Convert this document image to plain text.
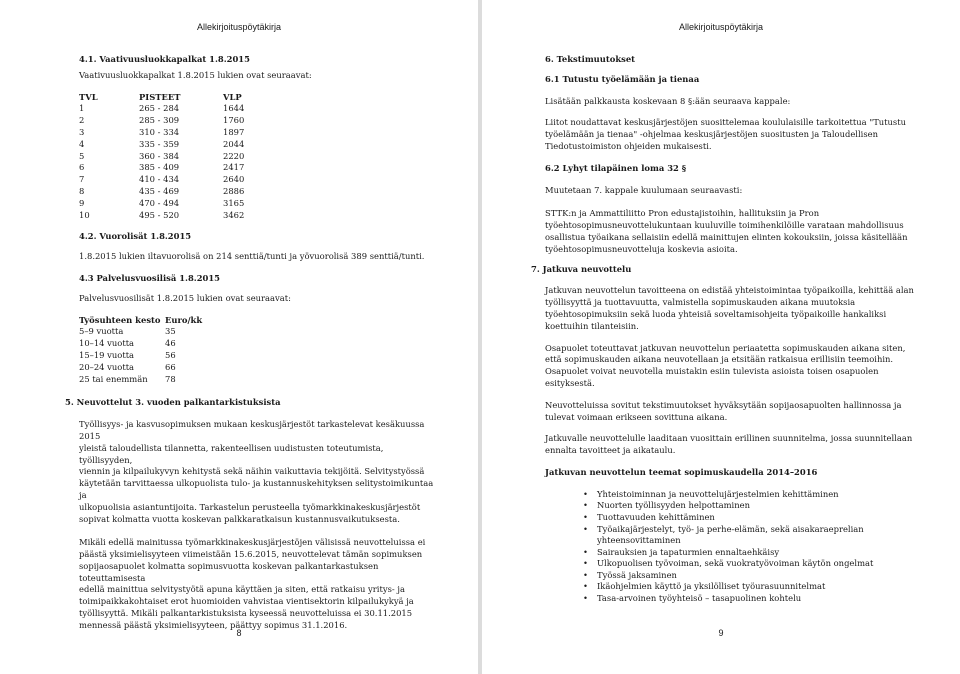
Allekirjoituspöytäkirja

4.1. Vaativuusluokkapalkat 1.8.2015

Vaativuusluokkapalkat 1.8.2015 lukien ovat seuraavat:

TVL	PISTEET	VLP
1	265 - 284	1644
2	285 - 309	1760
3	310 - 334	1897
4	335 - 359	2044
5	360 - 384	2220
6	385 - 409	2417
7	410 - 434	2640
8	435 - 469	2886
9	470 - 494	3165
10	495 - 520	3462

4.2. Vuorolisät 1.8.2015

1.8.2015 lukien iltavuorolisä on 214 senttiä/tunti ja yövuorolisä 389 senttiä/tunti.

4.3 Palvelusvuosilisä 1.8.2015

Palvelusvuosilisät 1.8.2015 lukien ovat seuraavat:

Työsuhteen kesto	Euro/kk
5–9 vuotta	35
10–14 vuotta	46
15–19 vuotta	56
20–24 vuotta	66
25 tai enemmän	78

5. Neuvottelut 3. vuoden palkantarkistuksista

Työllisyys- ja kasvusopimuksen mukaan keskusjärjestöt tarkastelevat kesäkuussa 2015

yleistä taloudellista tilannetta, rakenteellisen uudistusten toteutumista, työllisyyden,

viennin ja kilpailukyvyn kehitystä sekä näihin vaikuttavia tekijöitä. Selvitystyössä

käytetään tarvittaessa ulkopuolista tulo- ja kustannuskehityksen selitystoimikuntaa ja

ulkopuolisia asiantuntijoita. Tarkastelun perusteella työmarkkinakeskusjärjestöt

sopivat kolmatta vuotta koskevan palkkaratkaisun kustannusvaikutuksesta.

Mikäli edellä mainitussa työmarkkinakeskusjärjestöjen välisissä neuvotteluissa ei

päästä yksimielisyyteen viimeistään 15.6.2015, neuvottelevat tämän sopimuksen

sopijaosapuolet kolmatta sopimusvuotta koskevan palkantarkastuksen toteuttamisesta

edellä mainittua selvitystyötä apuna käyttäen ja siten, että ratkaisu yritys- ja

toimipaikkakohtaiset erot huomioiden vahvistaa vientisektorin kilpailukykyä ja

työllisyyttä. Mikäli palkantarkistuksista kyseessä neuvotteluissa ei 30.11.2015

mennessä päästä yksimielisyyteen, päättyy sopimus 31.1.2016.

8
Allekirjoituspöytäkirja

6. Tekstimuutokset

6.1 Tutustu työelämään ja tienaa

Lisätään palkkausta koskevaan 8 §:ään seuraava kappale:

Liitot noudattavat keskusjärjestöjen suosittelemaa koululaisille tarkoitettua "Tutustu

työelämään ja tienaa" -ohjelmaa keskusjärjestöjen suositusten ja Taloudellisen

Tiedotustoimiston ohjeiden mukaisesti.

6.2 Lyhyt tilapäinen loma 32 §

Muutetaan 7. kappale kuulumaan seuraavasti:

STTK:n ja Ammattiliitto Pron edustajistoihin, hallituksiin ja Pron

työehtosopimusneuvottelukuntaan kuuluville toimihenkilöille varataan mahdollisuus

osallistua työaikana sellaisiin edellä mainittujen elinten kokouksiin, joissa käsitellään

työehtosopimusneuvotteluja koskevia asioita.

7. Jatkuva neuvottelu

Jatkuvan neuvottelun tavoitteena on edistää yhteistoimintaa työpaikoilla, kehittää alan

työllisyyttä ja tuottavuutta, valmistella sopimuskauden aikana muutoksia

työehtosopimuksiin sekä luoda yhteisiä soveltamisohjeita työpaikoille hankaliksi

koettuihin tilanteisiin.

Osapuolet toteuttavat jatkuvan neuvottelun periaatetta sopimuskauden aikana siten,

että sopimuskauden aikana neuvotellaan ja etsitään ratkaisua erillisiin teemoihin.

Osapuolet voivat neuvotella muistakin esiin tulevista asioista toisen osapuolen

esityksestä.

Neuvotteluissa sovitut tekstimuutokset hyväksytään sopijaosapuolten hallinnossa ja

tulevat voimaan erikseen sovittuna aikana.

Jatkuvalle neuvottelulle laaditaan vuosittain erillinen suunnitelma, jossa suunnitellaan

ennalta tavoitteet ja aikataulu.

Jatkuvan neuvottelun teemat sopimuskaudella 2014–2016

• Yhteistoiminnan ja neuvottelujärjestelmien kehittäminen
• Nuorten työllisyyden helpottaminen
• Tuottavuuden kehittäminen
• Työaikajärjestelyt, työ- ja perhe-elämän, sekä aisakaraeprelian yhteensovittaminen
• Sairauksien ja tapaturmien ennaltaehkäisy
• Ulkopuolisen työvoiman, sekä vuokratyövoiman käytön ongelmat
• Työssä jaksaminen
• Ikäohjelmien käyttö ja yksilölliset työurasuunnitelmat
• Tasa-arvoinen työyhteisö – tasapuolinen kohtelu
9
